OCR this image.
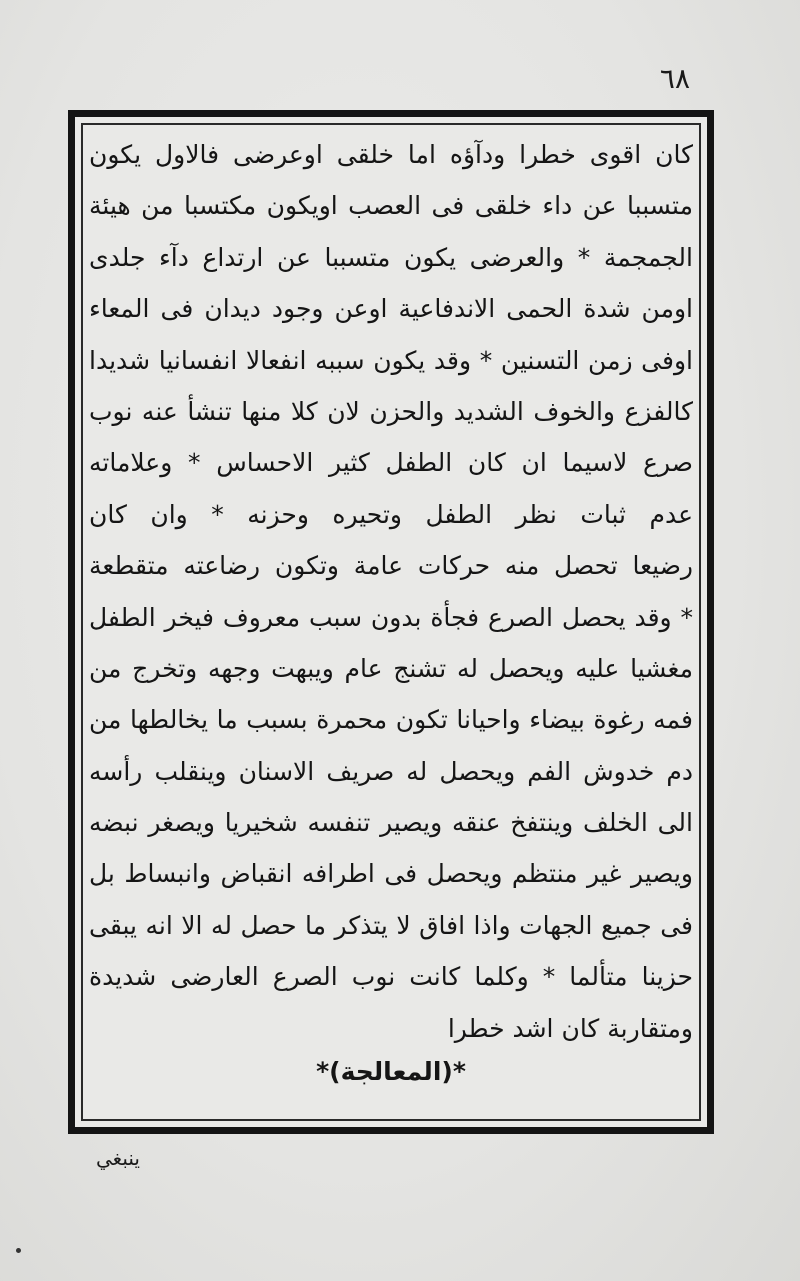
٦٨
كان اقوى خطرا ودآؤه اما خلقى اوعرضى فالاول يكون
متسببا عن داء خلقى فى العصب اويكون مكتسبا من هيئة
الجمجمة * والعرضى يكون متسببا عن ارتداع دآء جلدى
اومن شدة الحمى الاندفاعية اوعن وجود ديدان فى المعاء
اوفى زمن التسنين * وقد يكون سببه انفعالا انفسانيا شديدا
كالفزع والخوف الشديد والحزن لان كلا منها تنشأ عنه نوب
صرع لاسيما ان كان الطفل كثير الاحساس * وعلاماته
عدم ثبات نظر الطفل وتحيره وحزنه * وان كان
رضيعا تحصل منه حركات عامة وتكون رضاعته متقطعة
* وقد يحصل الصرع فجأة بدون سبب معروف فيخر الطفل
مغشيا عليه ويحصل له تشنج عام ويبهت وجهه وتخرج من
فمه رغوة بيضاء واحيانا تكون محمرة بسبب ما يخالطها من
دم خدوش الفم ويحصل له صريف الاسنان وينقلب رأسه
الى الخلف وينتفخ عنقه ويصير تنفسه شخيريا ويصغر نبضه
ويصير غير منتظم ويحصل فى اطرافه انقباض وانبساط بل
فى جميع الجهات واذا افاق لا يتذكر ما حصل له الا انه يبقى
حزينا متألما * وكلما كانت نوب الصرع العارضى شديدة
ومتقاربة كان اشد خطرا
*(المعالجة)*
ينبغي
